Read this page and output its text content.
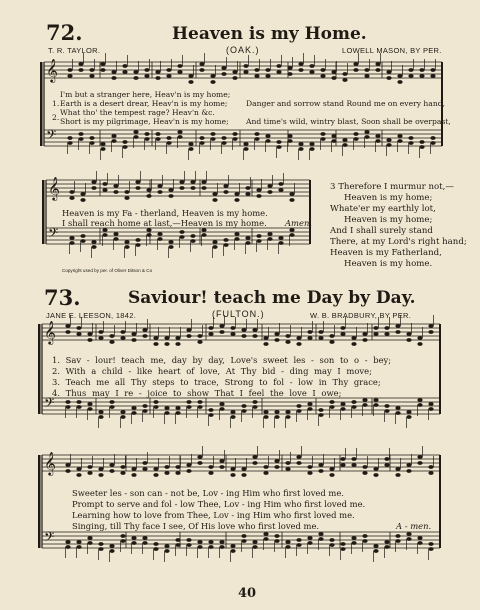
𝄞
𝄢
𝄞
𝄢
𝄞
𝄢
𝄞
𝄢
72.	Heaven is my Home.
T. R. TAYLOR.	(OAK.)	LOWELL MASON, BY PER.
I'm but a stranger here, Heav'n is my home;
1. Earth is a desert drear, Heav'n is my home;
What tho' the tempest rage? Heav'n &c.
2. Short is my pilgrimage, Heav'n is my home;
Danger and sorrow stand Round me on every hand,
And time's wild, wintry blast, Soon shall be overpast,
Heaven is my Fa - therland, Heaven is my home.
I shall reach home at last,—Heaven is my home. Amen.
3 Therefore I murmur not,—
Heaven is my home;
Whate'er my earthly lot,
Heaven is my home;
And I shall surely stand
There, at my Lord's right hand;
Heaven is my Fatherland,
Heaven is my home.
Copyright used by per. of Oliver Ditson & Co
73.	Saviour! teach me Day by Day.
JANE E. LEESON, 1842.	(FULTON.)	W. B. BRADBURY, BY PER.
1. Sav - lour! teach me, day by day, Love's sweet les - son to o - bey;
2. With a child - like heart of love, At Thy bid - ding may I move;
3. Teach me all Thy steps to trace, Strong to fol - low in Thy grace;
4. Thus may I re - joice to show That I feel the love I owe;
Sweeter les - son can - not be, Lov - ing Him who first loved me.
Prompt to serve and fol - low Thee, Lov - ing Him who first loved me.
Learning how to love from Thee, Lov - ing Him who first loved me.
Singing, till Thy face I see, Of His love who first loved me.	A - men.
40
